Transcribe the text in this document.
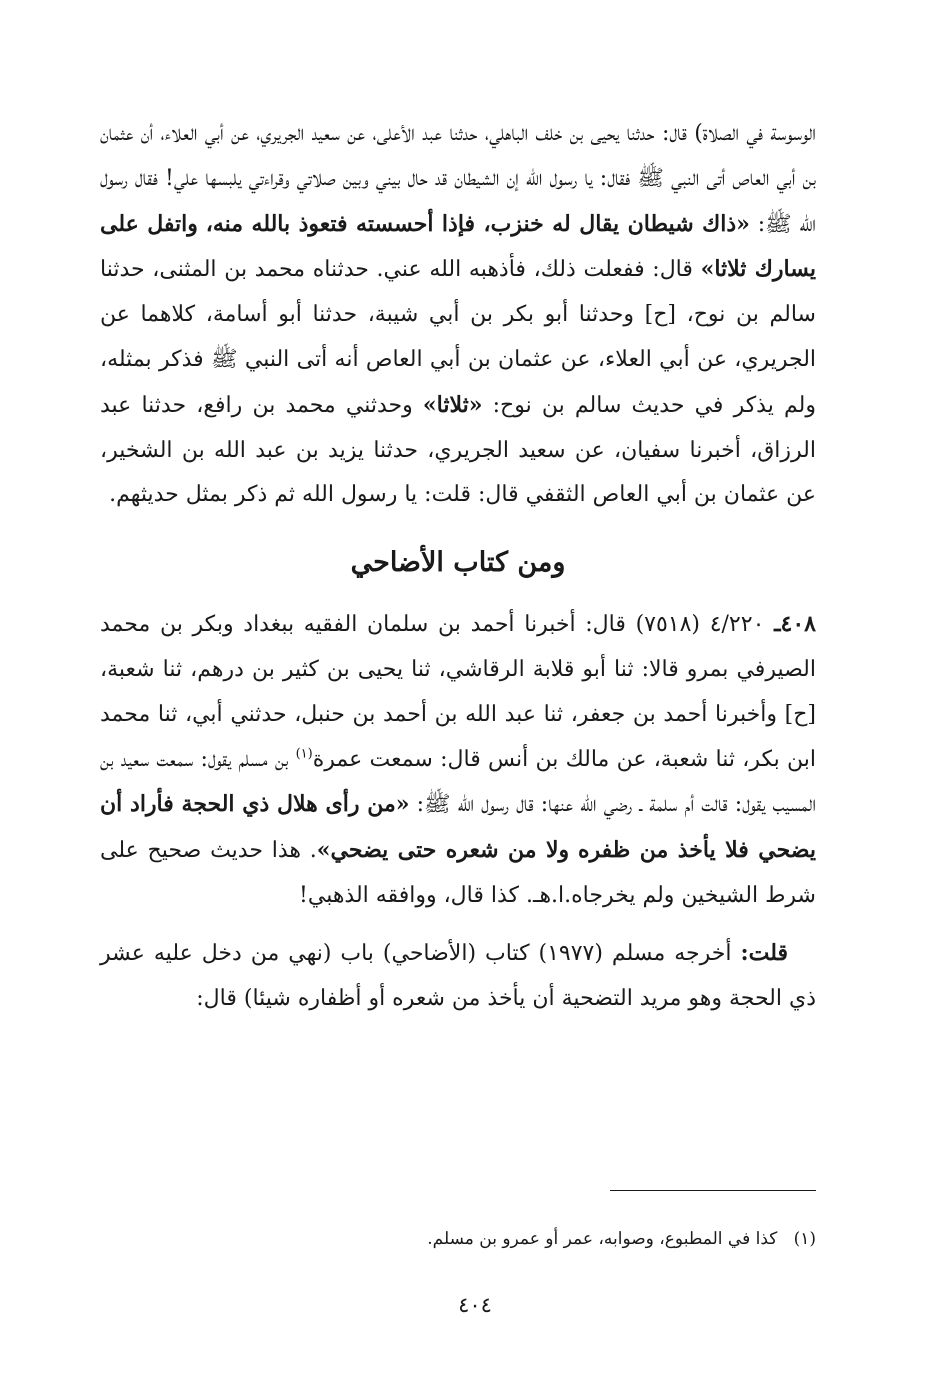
الوسوسة في الصلاة) قال: حدثنا يحيى بن خلف الباهلي، حدثنا عبد الأعلى، عن سعيد الجريري، عن أبي العلاء، أن عثمان بن أبي العاص أتى النبي ﷺ فقال: يا رسول الله إن الشيطان قد حال بيني وبين صلاتي وقراءتي يلبسها علي! فقال رسول الله ﷺ: «ذاك شيطان يقال له خنزب، فإذا أحسسته فتعوذ بالله منه، واتفل على يسارك ثلاثا» قال: ففعلت ذلك، فأذهبه الله عني. حدثناه محمد بن المثنى، حدثنا سالم بن نوح، [ح] وحدثنا أبو بكر بن أبي شيبة، حدثنا أبو أسامة، كلاهما عن الجريري، عن أبي العلاء، عن عثمان بن أبي العاص أنه أتى النبي ﷺ فذكر بمثله، ولم يذكر في حديث سالم بن نوح: «ثلاثا» وحدثني محمد بن رافع، حدثنا عبد الرزاق، أخبرنا سفيان، عن سعيد الجريري، حدثنا يزيد بن عبد الله بن الشخير، عن عثمان بن أبي العاص الثقفي قال: قلت: يا رسول الله ثم ذكر بمثل حديثهم.

ومن كتاب الأضاحي

٤٠٨ـ ٤/٢٢٠ (٧٥١٨) قال: أخبرنا أحمد بن سلمان الفقيه ببغداد وبكر بن محمد الصيرفي بمرو قالا: ثنا أبو قلابة الرقاشي، ثنا يحيى بن كثير بن درهم، ثنا شعبة، [ح] وأخبرنا أحمد بن جعفر، ثنا عبد الله بن أحمد بن حنبل، حدثني أبي، ثنا محمد ابن بكر، ثنا شعبة، عن مالك بن أنس قال: سمعت عمرة$^{(١)}$ بن مسلم يقول: سمعت سعيد بن المسيب يقول: قالت أم سلمة ـ رضي الله عنها: قال رسول الله ﷺ: «من رأى هلال ذي الحجة فأراد أن يضحي فلا يأخذ من ظفره ولا من شعره حتى يضحي». هذا حديث صحيح على شرط الشيخين ولم يخرجاه.ا.هـ. كذا قال، ووافقه الذهبي!

قلت: أخرجه مسلم (١٩٧٧) كتاب (الأضاحي) باب (نهي من دخل عليه عشر ذي الحجة وهو مريد التضحية أن يأخذ من شعره أو أظفاره شيئا) قال:

(١)   كذا في المطبوع، وصوابه، عمر أو عمرو بن مسلم.

٤٠٤
